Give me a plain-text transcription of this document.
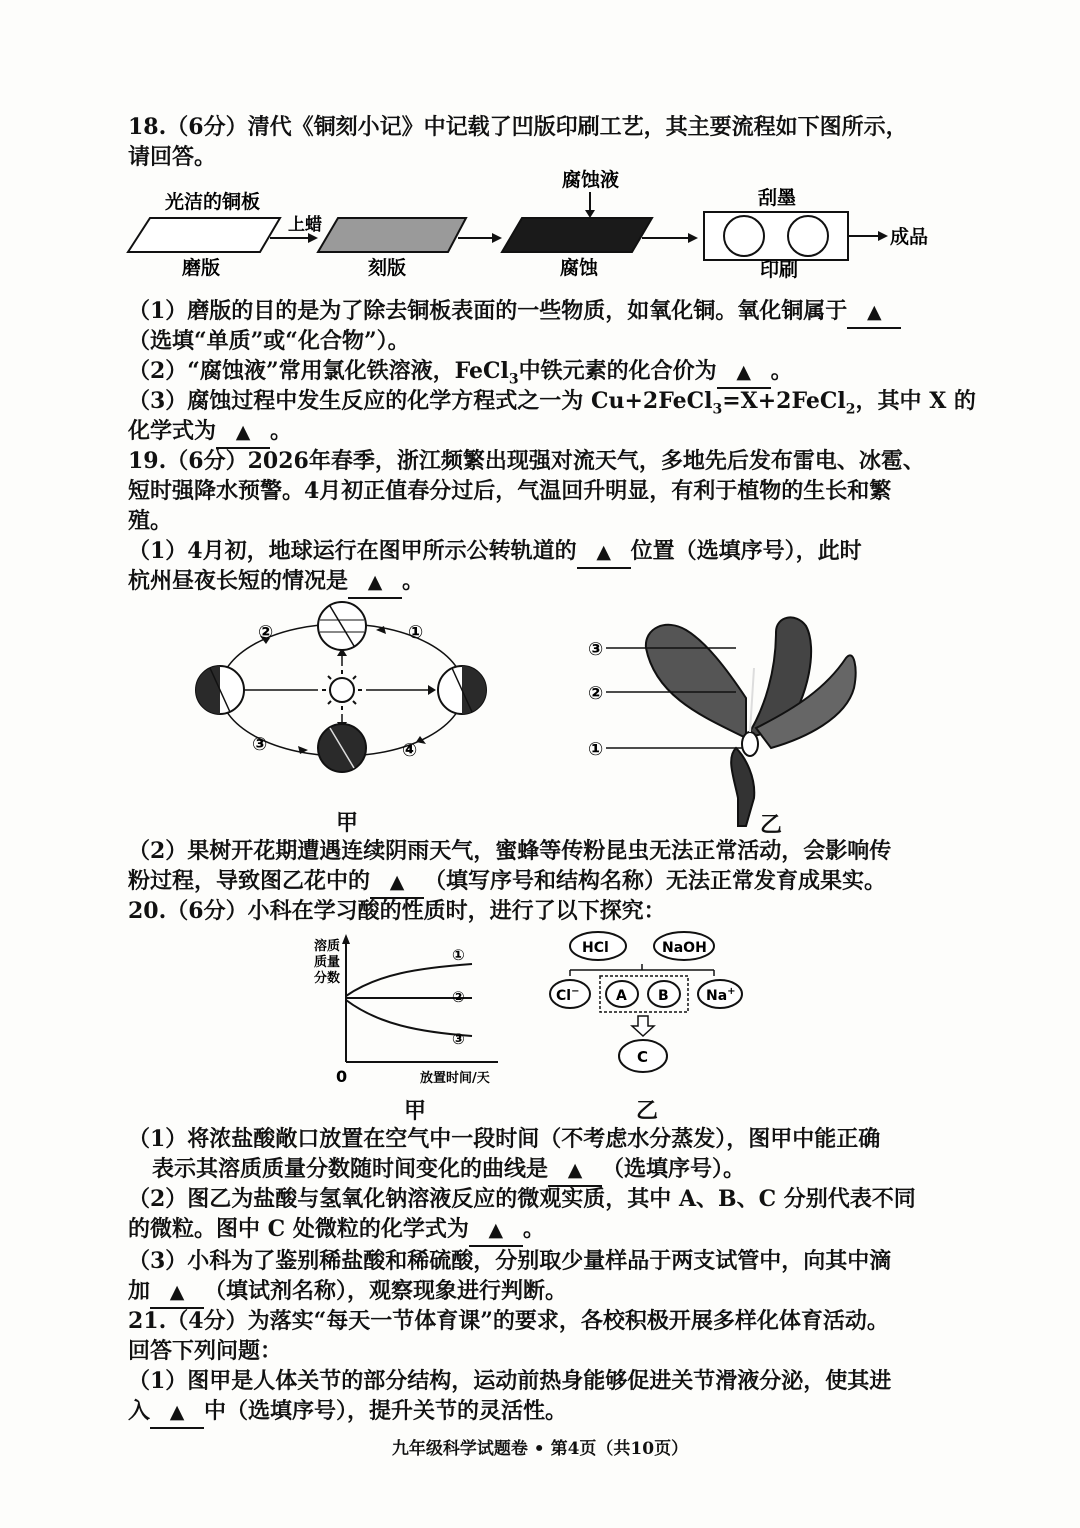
18.（6分）清代《铜刻小记》中记载了凹版印刷工艺，其主要流程如下图所示，
请回答。
光洁的铜板
磨版
上蜡
刻版
腐蚀液
腐蚀
刮墨
印刷
成品
（1）磨版的目的是为了除去铜板表面的一些物质，如氧化铜。氧化铜属于 ▲
（选填“单质”或“化合物”）。
（2）“腐蚀液”常用氯化铁溶液，FeCl$_3$中铁元素的化合价为 ▲ 。
（3）腐蚀过程中发生反应的化学方程式之一为 Cu+2FeCl$_3$=X+2FeCl$_2$，其中 X 的
化学式为 ▲ 。
19.（6分）2026年春季，浙江频繁出现强对流天气，多地先后发布雷电、冰雹、
短时强降水预警。4月初正值春分过后，气温回升明显，有利于植物的生长和繁
殖。
（1）4月初，地球运行在图甲所示公转轨道的 ▲ 位置（选填序号），此时
杭州昼夜长短的情况是 ▲ 。
①
②
③	④
甲
③
②
①
乙
（2）果树开花期遭遇连续阴雨天气，蜜蜂等传粉昆虫无法正常活动，会影响传
粉过程，导致图乙花中的 ▲ （填写序号和结构名称）无法正常发育成果实。
20.（6分）小科在学习酸的性质时，进行了以下探究：
溶质
质量
分数
0	放置时间/天
①
②
③
甲
HCl	NaOH
Cl−	A B	Na+
C
乙
（1）将浓盐酸敞口放置在空气中一段时间（不考虑水分蒸发），图甲中能正确
表示其溶质质量分数随时间变化的曲线是 ▲ （选填序号）。
（2）图乙为盐酸与氢氧化钠溶液反应的微观实质，其中 A、B、C 分别代表不同
的微粒。图中 C 处微粒的化学式为 ▲ 。
（3）小科为了鉴别稀盐酸和稀硫酸，分别取少量样品于两支试管中，向其中滴
加 ▲ （填试剂名称），观察现象进行判断。
21.（4分）为落实“每天一节体育课”的要求，各校积极开展多样化体育活动。
回答下列问题：
（1）图甲是人体关节的部分结构，运动前热身能够促进关节滑液分泌，使其进
入 ▲ 中（选填序号），提升关节的灵活性。
九年级科学试题卷 • 第4页（共10页）
